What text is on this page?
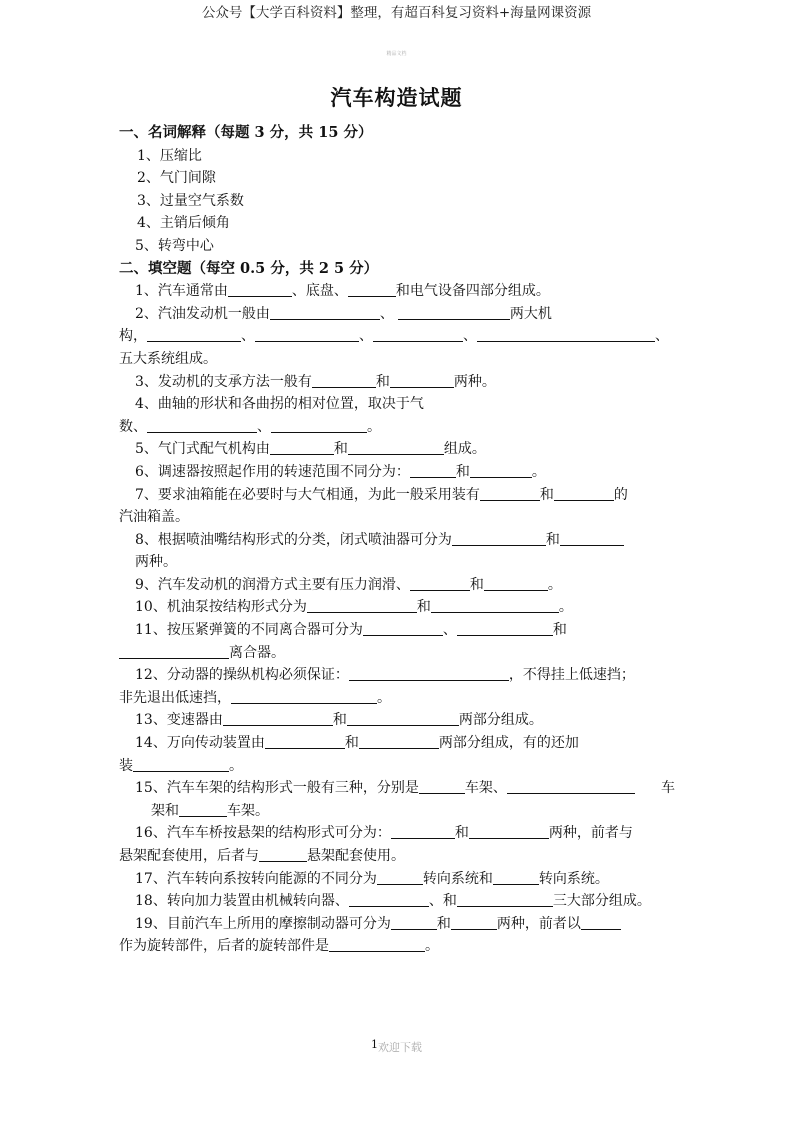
公众号【大学百科资料】整理，有超百科复习资料+海量网课资源
精品文档
汽车构造试题
一、名词解释（每题 3 分，共 15 分）
1、压缩比
2、气门间隙
3、过量空气系数
4、主销后倾角
5、转弯中心
二、填空题（每空 0.5 分，共 2 5 分）
1、汽车通常由	、底盘、	和电气设备四部分组成。
2、汽油发动机一般由	、	两大机
构，	、	、	、	、
五大系统组成。
3、发动机的支承方法一般有	和	两种。
4、曲轴的形状和各曲拐的相对位置，取决于气
数、	、	。
5、气门式配气机构由	和	组成。
6、调速器按照起作用的转速范围不同分为：	和	。
7、要求油箱能在必要时与大气相通，为此一般采用装有	和	的
汽油箱盖。
8、根据喷油嘴结构形式的分类，闭式喷油器可分为	和
两种。
9、汽车发动机的润滑方式主要有压力润滑、	和	。
10、机油泵按结构形式分为	和	。
11、按压紧弹簧的不同离合器可分为	、	和
离合器。
12、分动器的操纵机构必须保证：	，不得挂上低速挡；
非先退出低速挡，	。
13、变速器由	和	两部分组成。
14、万向传动装置由	和	两部分组成，有的还加
装	。
15、汽车车架的结构形式一般有三种，分别是	车架、	车
架和	车架。
16、汽车车桥按悬架的结构形式可分为：	和	两种，前者与
悬架配套使用，后者与	悬架配套使用。
17、汽车转向系按转向能源的不同分为	转向系统和	转向系统。
18、转向加力装置由机械转向器、	、和	三大部分组成。
19、目前汽车上所用的摩擦制动器可分为	和	两种，前者以
作为旋转部件，后者的旋转部件是	。
1欢迎下载
